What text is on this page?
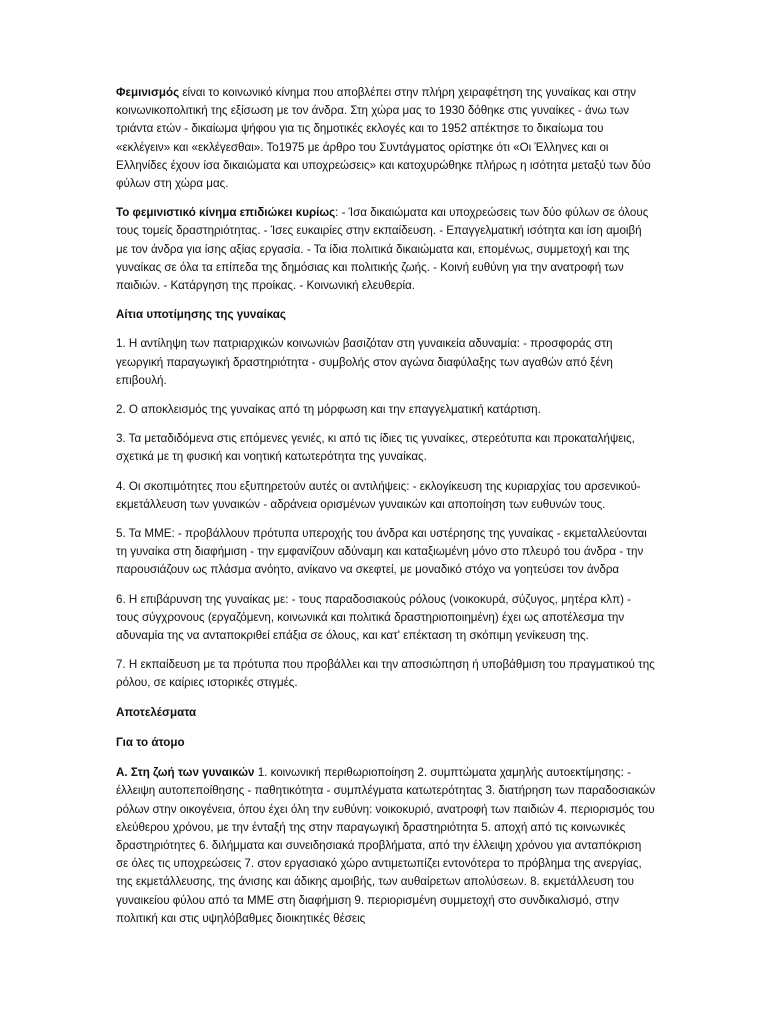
Φεμινισμός είναι το κοινωνικό κίνημα που αποβλέπει στην πλήρη χειραφέτηση της γυναίκας και στην κοινωνικοπολιτική της εξίσωση με τον άνδρα. Στη χώρα μας το 1930 δόθηκε στις γυναίκες - άνω των τριάντα ετών - δικαίωμα ψήφου για τις δημοτικές εκλογές και το 1952 απέκτησε το δικαίωμα του «εκλέγειν» και «εκλέγεσθαι». Το1975 με άρθρο του Συντάγματος ορίστηκε ότι «Οι Έλληνες και οι Ελληνίδες έχουν ίσα δικαιώματα και υποχρεώσεις» και κατοχυρώθηκε πλήρως η ισότητα μεταξύ των δύο φύλων στη χώρα μας.

Το φεμινιστικό κίνημα επιδιώκει κυρίως: - Ίσα δικαιώματα και υποχρεώσεις των δύο φύλων σε όλους τους τομείς δραστηριότητας. - Ίσες ευκαιρίες στην εκπαίδευση. - Επαγγελματική ισότητα και ίση αμοιβή με τον άνδρα για ίσης αξίας εργασία. - Τα ίδια πολιτικά δικαιώματα και, επομένως, συμμετοχή και της γυναίκας σε όλα τα επίπεδα της δημόσιας και πολιτικής ζωής. - Κοινή ευθύνη για την ανατροφή των παιδιών. - Κατάργηση της προίκας. - Κοινωνική ελευθερία.

Αίτια υποτίμησης της γυναίκας

1. Η αντίληψη των πατριαρχικών κοινωνιών βασιζόταν στη γυναικεία αδυναμία: - προσφοράς στη γεωργική παραγωγική δραστηριότητα - συμβολής στον αγώνα διαφύλαξης των αγαθών από ξένη επιβουλή.

2. Ο αποκλεισμός της γυναίκας από τη μόρφωση και την επαγγελματική κατάρτιση.

3. Τα μεταδιδόμενα στις επόμενες γενιές, κι από τις ίδιες τις γυναίκες, στερεότυπα και προκαταλήψεις, σχετικά με τη φυσική και νοητική κατωτερότητα της γυναίκας.

4. Οι σκοπιμότητες που εξυπηρετούν αυτές οι αντιλήψεις: - εκλογίκευση της κυριαρχίας του αρσενικού- εκμετάλλευση των γυναικών - αδράνεια ορισμένων γυναικών και αποποίηση των ευθυνών τους.

5. Τα ΜΜΕ: - προβάλλουν πρότυπα υπεροχής του άνδρα και υστέρησης της γυναίκας - εκμεταλλεύονται τη γυναίκα στη διαφήμιση - την εμφανίζουν αδύναμη και καταξιωμένη μόνο στο πλευρό του άνδρα - την παρουσιάζουν ως πλάσμα ανόητο, ανίκανο να σκεφτεί, με μοναδικό στόχο να γοητεύσει τον άνδρα

6. Η επιβάρυνση της γυναίκας με: - τους παραδοσιακούς ρόλους (νοικοκυρά, σύζυγος, μητέρα κλπ) - τους σύγχρονους (εργαζόμενη, κοινωνικά και πολιτικά δραστηριοποιημένη) έχει ως αποτέλεσμα την αδυναμία της να ανταποκριθεί επάξια σε όλους, και κατ' επέκταση τη σκόπιμη γενίκευση της.

7. Η εκπαίδευση με τα πρότυπα που προβάλλει και την αποσιώπηση ή υποβάθμιση του πραγματικού της ρόλου, σε καίριες ιστορικές στιγμές.

Αποτελέσματα

Για το άτομο

Α. Στη ζωή των γυναικών 1. κοινωνική περιθωριοποίηση 2. συμπτώματα χαμηλής αυτοεκτίμησης: - έλλειψη αυτοπεποίθησης - παθητικότητα - συμπλέγματα κατωτερότητας 3. διατήρηση των παραδοσιακών ρόλων στην οικογένεια, όπου έχει όλη την ευθύνη: νοικοκυριό, ανατροφή των παιδιών 4. περιορισμός του ελεύθερου χρόνου, με την ένταξή της στην παραγωγική δραστηριότητα 5. αποχή από τις κοινωνικές δραστηριότητες 6. διλήμματα και συνειδησιακά προβλήματα, από την έλλειψη χρόνου για ανταπόκριση σε όλες τις υποχρεώσεις 7. στον εργασιακό χώρο αντιμετωπίζει εντονότερα το πρόβλημα της ανεργίας, της εκμετάλλευσης, της άνισης και άδικης αμοιβής, των αυθαίρετων απολύσεων. 8. εκμετάλλευση του γυναικείου φύλου από τα ΜΜΕ στη διαφήμιση 9. περιορισμένη συμμετοχή στο συνδικαλισμό, στην πολιτική και στις υψηλόβαθμες διοικητικές θέσεις
